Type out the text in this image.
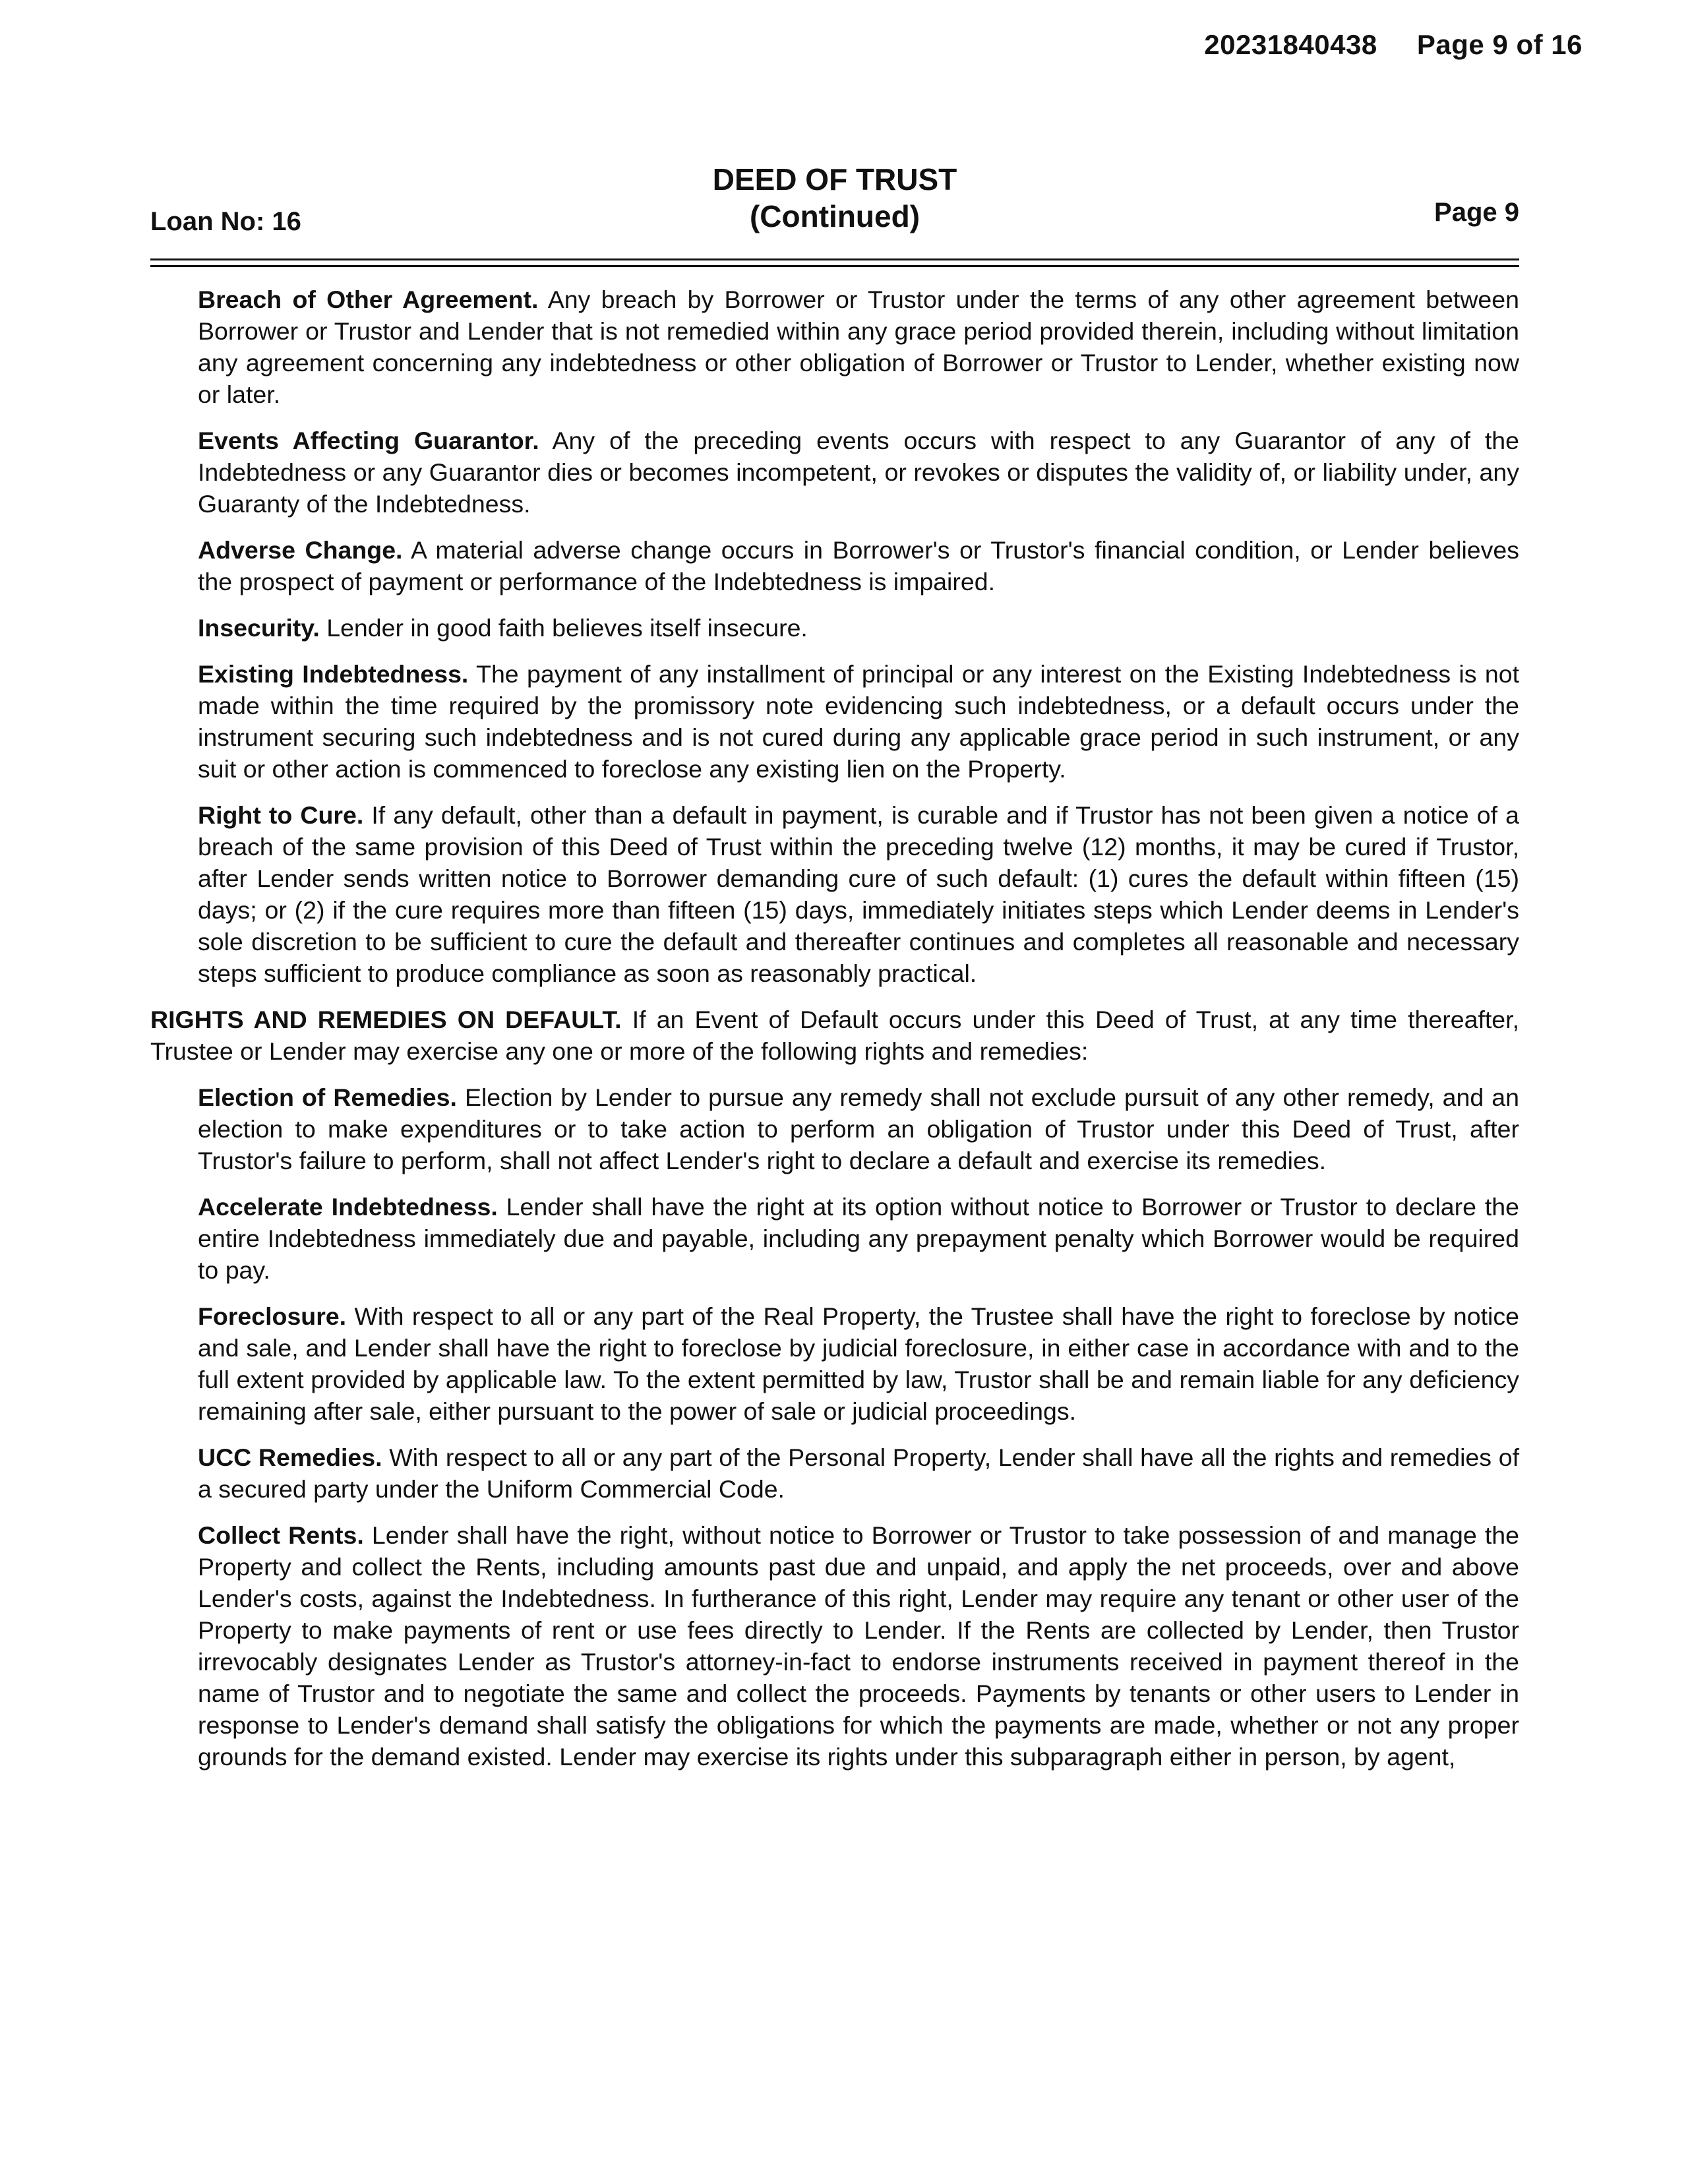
20231840438 Page 9 of 16
Loan No: 16
DEED OF TRUST
(Continued)	Page 9

Breach of Other Agreement. Any breach by Borrower or Trustor under the terms of any other agreement between Borrower or Trustor and Lender that is not remedied within any grace period provided therein, including without limitation any agreement concerning any indebtedness or other obligation of Borrower or Trustor to Lender, whether existing now or later.

Events Affecting Guarantor. Any of the preceding events occurs with respect to any Guarantor of any of the Indebtedness or any Guarantor dies or becomes incompetent, or revokes or disputes the validity of, or liability under, any Guaranty of the Indebtedness.

Adverse Change. A material adverse change occurs in Borrower's or Trustor's financial condition, or Lender believes the prospect of payment or performance of the Indebtedness is impaired.

Insecurity. Lender in good faith believes itself insecure.

Existing Indebtedness. The payment of any installment of principal or any interest on the Existing Indebtedness is not made within the time required by the promissory note evidencing such indebtedness, or a default occurs under the instrument securing such indebtedness and is not cured during any applicable grace period in such instrument, or any suit or other action is commenced to foreclose any existing lien on the Property.

Right to Cure. If any default, other than a default in payment, is curable and if Trustor has not been given a notice of a breach of the same provision of this Deed of Trust within the preceding twelve (12) months, it may be cured if Trustor, after Lender sends written notice to Borrower demanding cure of such default: (1) cures the default within fifteen (15) days; or (2) if the cure requires more than fifteen (15) days, immediately initiates steps which Lender deems in Lender's sole discretion to be sufficient to cure the default and thereafter continues and completes all reasonable and necessary steps sufficient to produce compliance as soon as reasonably practical.

RIGHTS AND REMEDIES ON DEFAULT. If an Event of Default occurs under this Deed of Trust, at any time thereafter, Trustee or Lender may exercise any one or more of the following rights and remedies:

Election of Remedies. Election by Lender to pursue any remedy shall not exclude pursuit of any other remedy, and an election to make expenditures or to take action to perform an obligation of Trustor under this Deed of Trust, after Trustor's failure to perform, shall not affect Lender's right to declare a default and exercise its remedies.

Accelerate Indebtedness. Lender shall have the right at its option without notice to Borrower or Trustor to declare the entire Indebtedness immediately due and payable, including any prepayment penalty which Borrower would be required to pay.

Foreclosure. With respect to all or any part of the Real Property, the Trustee shall have the right to foreclose by notice and sale, and Lender shall have the right to foreclose by judicial foreclosure, in either case in accordance with and to the full extent provided by applicable law. To the extent permitted by law, Trustor shall be and remain liable for any deficiency remaining after sale, either pursuant to the power of sale or judicial proceedings.

UCC Remedies. With respect to all or any part of the Personal Property, Lender shall have all the rights and remedies of a secured party under the Uniform Commercial Code.

Collect Rents. Lender shall have the right, without notice to Borrower or Trustor to take possession of and manage the Property and collect the Rents, including amounts past due and unpaid, and apply the net proceeds, over and above Lender's costs, against the Indebtedness. In furtherance of this right, Lender may require any tenant or other user of the Property to make payments of rent or use fees directly to Lender. If the Rents are collected by Lender, then Trustor irrevocably designates Lender as Trustor's attorney-in-fact to endorse instruments received in payment thereof in the name of Trustor and to negotiate the same and collect the proceeds. Payments by tenants or other users to Lender in response to Lender's demand shall satisfy the obligations for which the payments are made, whether or not any proper grounds for the demand existed. Lender may exercise its rights under this subparagraph either in person, by agent,
